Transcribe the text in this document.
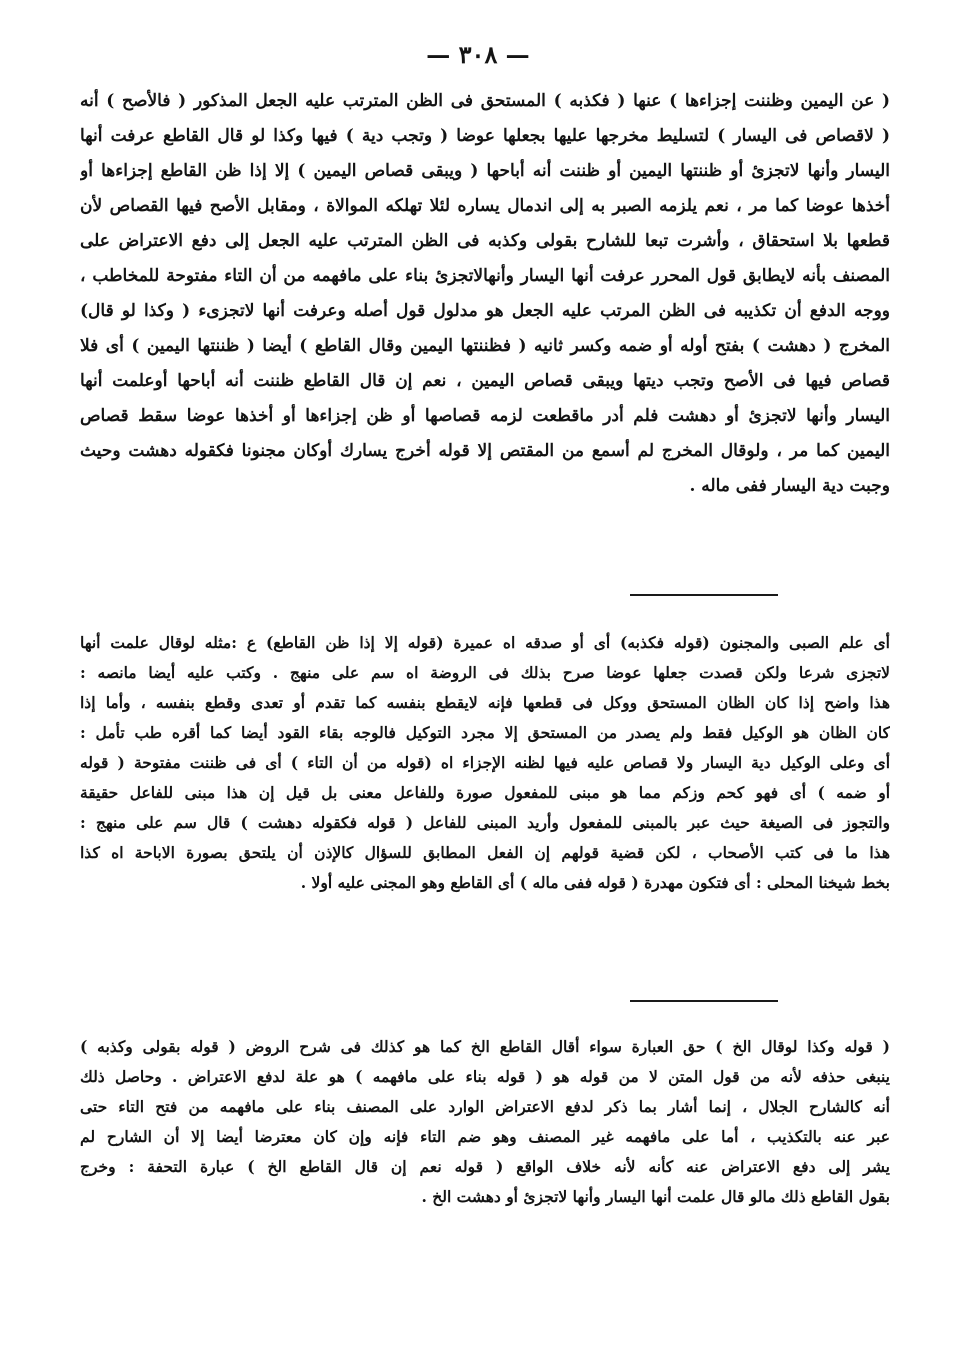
— ٣٠٨ —
( عن اليمين وظننت إجزاءها ) عنها ( فكذبه ) المستحق فى الظن المترتب عليه الجعل المذكور ( فالأصح ) أنه
( لاقصاص فى اليسار ) لتسليط مخرجها عليها بجعلها عوضا ( وتجب دية ) فيها وكذا لو قال القاطع عرفت أنها
اليسار وأنها لاتجزئ أو ظننتها اليمين أو ظننت أنه أباحها ( ويبقى قصاص اليمين ) إلا إذا ظن القاطع إجزاءها أو
أخذها عوضا كما مر ، نعم يلزمه الصبر به إلى اندمال يساره لئلا تهلكه الموالاة ، ومقابل الأصح فيها القصاص لأن
قطعها بلا استحقاق ، وأشرت تبعا للشارح بقولى وكذبه فى الظن المترتب عليه الجعل إلى دفع الاعتراض على
المصنف بأنه لايطابق قول المحرر عرفت أنها اليسار وأنهالاتجزئ بناء على مافهمه من أن التاء مفتوحة للمخاطب ،
ووجه الدفع أن تكذيبه فى الظن المرتب عليه الجعل هو مدلول قول أصله وعرفت أنها لاتجزىء ( وكذا لو قال)
المخرج ( دهشت ) بفتح أوله أو ضمه وكسر ثانيه ( فظننتها اليمين وقال القاطع ) أيضا ( ظننتها اليمين ) أى فلا
قصاص فيها فى الأصح وتجب ديتها ويبقى قصاص اليمين ، نعم إن قال القاطع ظننت أنه أباحها أوعلمت أنها
اليسار وأنها لاتجزئ أو دهشت فلم أدر ماقطعت لزمه قصاصها أو ظن إجزاءها أو أخذها عوضا سقط قصاص
اليمين كما مر ، ولوقال المخرج لم أسمع من المقتص إلا قوله أخرج يسارك أوكان مجنونا فكقوله دهشت وحيث
وجبت دية اليسار ففى ماله .
أى علم الصبى والمجنون (قوله فكذبه) أى أو صدقه اه عميرة (قوله إلا إذا ظن القاطع) ع :مثله لوقال علمت أنها
لاتجزى شرعا ولكن قصدت جعلها عوضا صرح بذلك فى الروضة اه سم على منهج . وكتب عليه أيضا مانصه :
هذا واضح إذا كان الظان المستحق ووكل فى قطعها فإنه لايقطع بنفسه كما تقدم أو تعدى وقطع بنفسه ، وأما إذا
كان الظان هو الوكيل فقط ولم يصدر من المستحق إلا مجرد التوكيل فالوجه بقاء القود أيضا كما أقره طب تأمل :
أى وعلى الوكيل دية اليسار ولا قصاص عليه فيها لظنه الإجزاء اه (قوله من أن التاء ) أى فى ظننت مفتوحة ( قوله
أو ضمه ) أى فهو كحم وزكم مما هو مبنى للمفعول صورة وللفاعل معنى بل قيل إن هذا مبنى للفاعل حقيقة
والتجوز فى الصيغة حيث عبر بالمبنى للمفعول وأريد المبنى للفاعل ( قوله فكقوله دهشت ) قال سم على منهج :
هذا ما فى كتب الأصحاب ، لكن قضية قولهم إن الفعل المطابق للسؤال كالإذن أن يلتحق بصورة الاباحة اه كذا
بخط شيخنا المحلى : أى فتكون مهدرة ( قوله ففى ماله ) أى القاطع وهو المجنى عليه أولا .
( قوله وكذا لوقال الخ ) حق العبارة سواء أقال القاطع الخ كما هو كذلك فى شرح الروض ( قوله بقولى وكذبه )
ينبغى حذفه لأنه من قول المتن لا من قوله هو ( قوله بناء على مافهمه ) هو علة لدفع الاعتراض . وحاصل ذلك
أنه كالشارح الجلال ، إنما أشار بما ذكر لدفع الاعتراض الوارد على المصنف بناء على مافهمه من فتح التاء حتى
عبر عنه بالتكذيب ، أما على مافهمه غير المصنف وهو ضم التاء فإنه وإن كان معترضا أيضا إلا أن الشارح لم
يشر إلى دفع الاعتراض عنه كأنه لأنه خلاف الواقع ( قوله نعم إن قال القاطع الخ ) عبارة التحفة : وخرج
بقول القاطع ذلك مالو قال علمت أنها اليسار وأنها لاتجزئ أو دهشت الخ .
